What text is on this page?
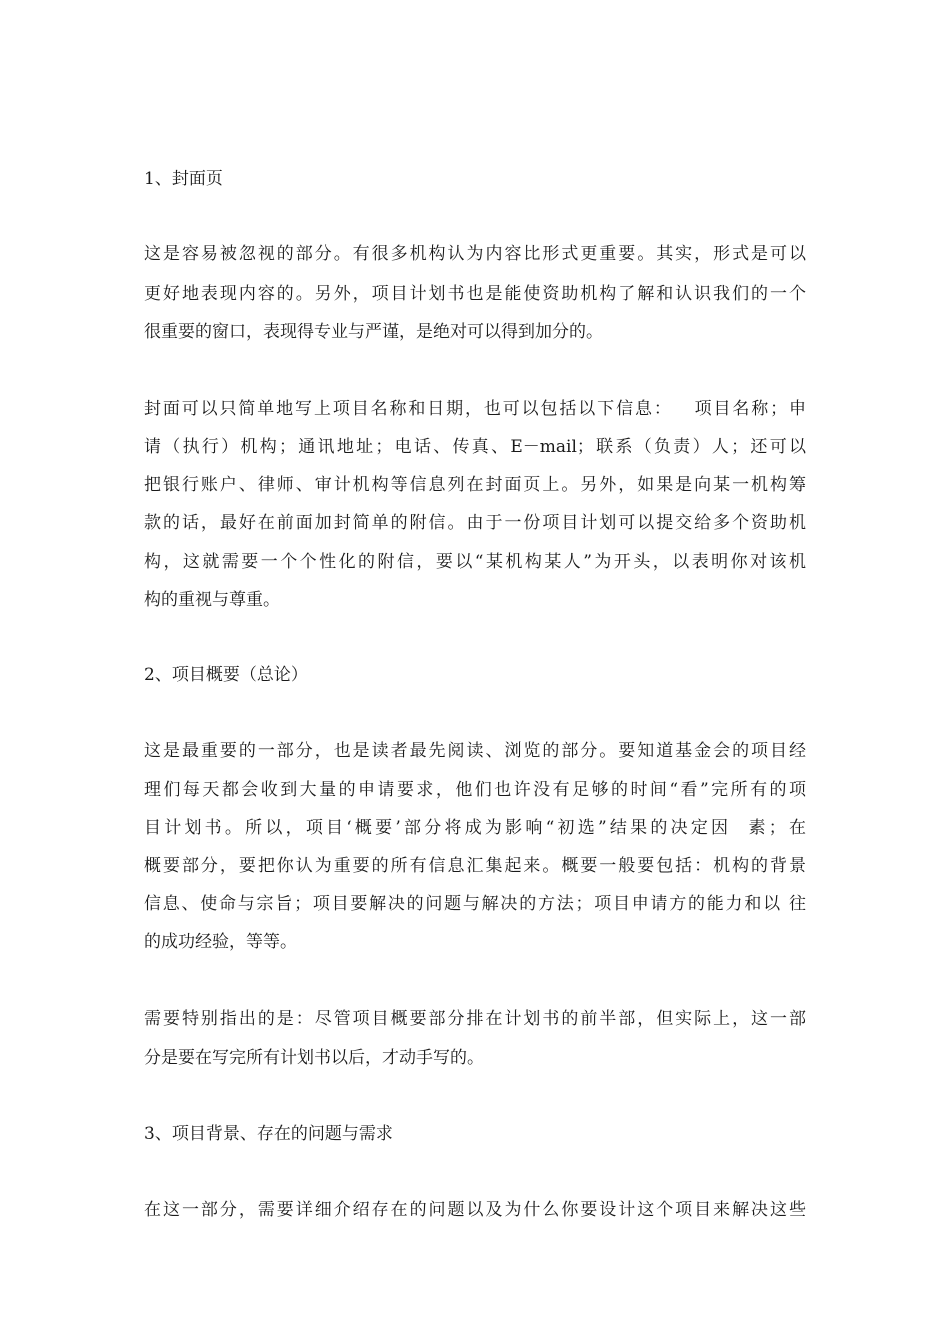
1、封面页
这是容易被忽视的部分。有很多机构认为内容比形式更重要。其实，形式是可以
更好地表现内容的。另外，项目计划书也是能使资助机构了解和认识我们的一个
很重要的窗口，表现得专业与严谨，是绝对可以得到加分的。
封面可以只简单地写上项目名称和日期，也可以包括以下信息：   项目名称；申
请（执行）机构；通讯地址；电话、传真、E－mail；联系（负责）人；还可以
把银行账户、律师、审计机构等信息列在封面页上。另外，如果是向某一机构筹
款的话，最好在前面加封简单的附信。由于一份项目计划可以提交给多个资助机
构，这就需要一个个性化的附信，要以“某机构某人”为开头，以表明你对该机
构的重视与尊重。
2、项目概要（总论）
这是最重要的一部分，也是读者最先阅读、浏览的部分。要知道基金会的项目经
理们每天都会收到大量的申请要求，他们也许没有足够的时间“看”完所有的项
目计划书。所以，项目‘概要’部分将成为影响“初选”结果的决定因  素；在
概要部分，要把你认为重要的所有信息汇集起来。概要一般要包括：机构的背景
信息、使命与宗旨；项目要解决的问题与解决的方法；项目申请方的能力和以 往
的成功经验，等等。
需要特别指出的是：尽管项目概要部分排在计划书的前半部，但实际上，这一部
分是要在写完所有计划书以后，才动手写的。
3、项目背景、存在的问题与需求
在这一部分，需要详细介绍存在的问题以及为什么你要设计这个项目来解决这些
